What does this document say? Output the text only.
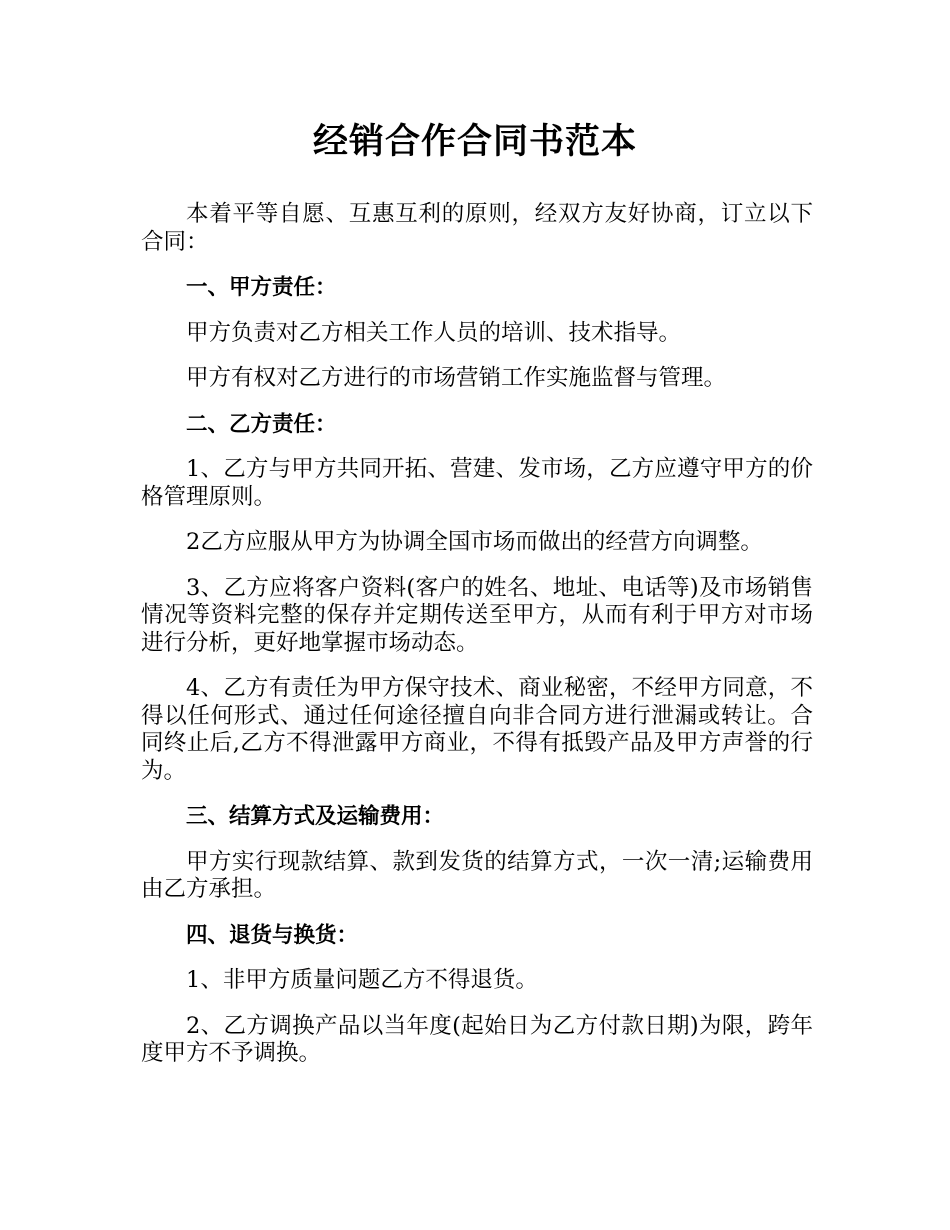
经销合作合同书范本

本着平等自愿、互惠互利的原则，经双方友好协商，订立以下合同：

一、甲方责任：

甲方负责对乙方相关工作人员的培训、技术指导。

甲方有权对乙方进行的市场营销工作实施监督与管理。

二、乙方责任：

1、乙方与甲方共同开拓、营建、发市场，乙方应遵守甲方的价格管理原则。

2乙方应服从甲方为协调全国市场而做出的经营方向调整。

3、乙方应将客户资料(客户的姓名、地址、电话等)及市场销售情况等资料完整的保存并定期传送至甲方，从而有利于甲方对市场进行分析，更好地掌握市场动态。

4、乙方有责任为甲方保守技术、商业秘密，不经甲方同意，不得以任何形式、通过任何途径擅自向非合同方进行泄漏或转让。合同终止后,乙方不得泄露甲方商业，不得有抵毁产品及甲方声誉的行为。

三、结算方式及运输费用：

甲方实行现款结算、款到发货的结算方式，一次一清;运输费用由乙方承担。

四、退货与换货：

1、非甲方质量问题乙方不得退货。

2、乙方调换产品以当年度(起始日为乙方付款日期)为限，跨年度甲方不予调换。
